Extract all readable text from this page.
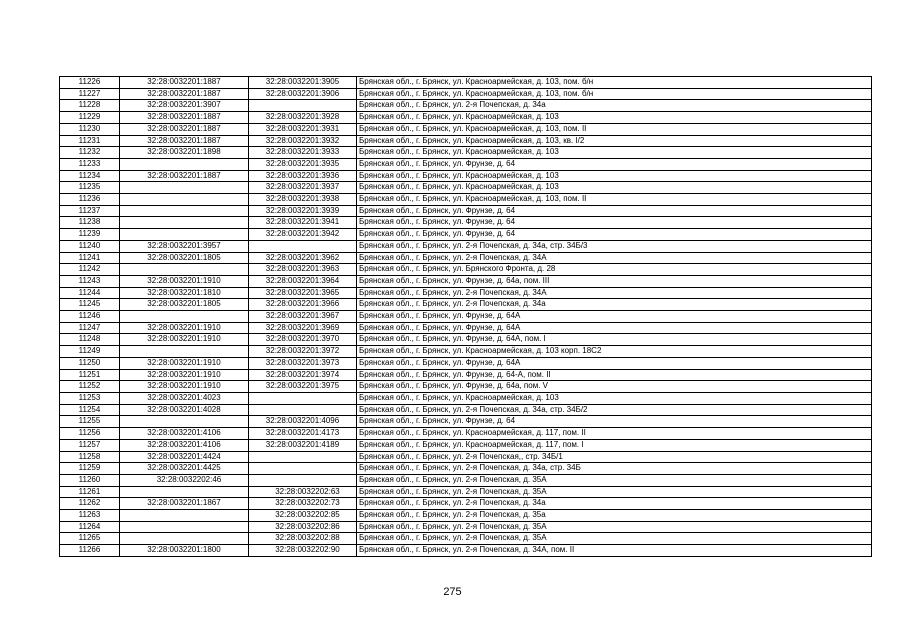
11226	32:28:0032201:1887	32:28:0032201:3905	Брянская обл., г. Брянск, ул. Красноармейская, д. 103, пом. б/н
11227	32:28:0032201:1887	32:28:0032201:3906	Брянская обл., г. Брянск, ул. Красноармейская, д. 103, пом. б/н
11228	32:28:0032201:3907		Брянская обл., г. Брянск, ул. 2-я Почепская, д. 34а
11229	32:28:0032201:1887	32:28:0032201:3928	Брянская обл., г. Брянск, ул. Красноармейская, д. 103
11230	32:28:0032201:1887	32:28:0032201:3931	Брянская обл., г. Брянск, ул. Красноармейская, д. 103, пом. II
11231	32:28:0032201:1887	32:28:0032201:3932	Брянская обл., г. Брянск, ул. Красноармейская, д. 103, кв. I/2
11232	32:28:0032201:1898	32:28:0032201:3933	Брянская обл., г. Брянск, ул. Красноармейская, д. 103
11233		32:28:0032201:3935	Брянская обл., г. Брянск, ул. Фрунзе, д. 64
11234	32:28:0032201:1887	32:28:0032201:3936	Брянская обл., г. Брянск, ул. Красноармейская, д. 103
11235		32:28:0032201:3937	Брянская обл., г. Брянск, ул. Красноармейская, д. 103
11236		32:28:0032201:3938	Брянская обл., г. Брянск, ул. Красноармейская, д. 103, пом. II
11237		32:28:0032201:3939	Брянская обл., г. Брянск, ул. Фрунзе, д. 64
11238		32:28:0032201:3941	Брянская обл., г. Брянск, ул. Фрунзе, д. 64
11239		32:28:0032201:3942	Брянская обл., г. Брянск, ул. Фрунзе, д. 64
11240	32:28:0032201:3957		Брянская обл., г. Брянск, ул. 2-я Почепская, д. 34а, стр. 34Б/3
11241	32:28:0032201:1805	32:28:0032201:3962	Брянская обл., г. Брянск, ул. 2-я Почепская, д. 34А
11242		32:28:0032201:3963	Брянская обл., г. Брянск, ул. Брянского Фронта, д. 28
11243	32:28:0032201:1910	32:28:0032201:3964	Брянская обл., г. Брянск, ул. Фрунзе, д. 64а, пом. III
11244	32:28:0032201:1810	32:28:0032201:3965	Брянская обл., г. Брянск, ул. 2-я Почепская, д. 34А
11245	32:28:0032201:1805	32:28:0032201:3966	Брянская обл., г. Брянск, ул. 2-я Почепская, д. 34а
11246		32:28:0032201:3967	Брянская обл., г. Брянск, ул. Фрунзе, д. 64А
11247	32:28:0032201:1910	32:28:0032201:3969	Брянская обл., г. Брянск, ул. Фрунзе, д. 64А
11248	32:28:0032201:1910	32:28:0032201:3970	Брянская обл., г. Брянск, ул. Фрунзе, д. 64А, пом. I
11249		32:28:0032201:3972	Брянская обл., г. Брянск, ул. Красноармейская, д. 103 корп. 18С2
11250	32:28:0032201:1910	32:28:0032201:3973	Брянская обл., г. Брянск, ул. Фрунзе, д. 64А
11251	32:28:0032201:1910	32:28:0032201:3974	Брянская обл., г. Брянск, ул. Фрунзе, д. 64-А, пом. II
11252	32:28:0032201:1910	32:28:0032201:3975	Брянская обл., г. Брянск, ул. Фрунзе, д. 64а, пом. V
11253	32:28:0032201:4023		Брянская обл., г. Брянск, ул. Красноармейская, д. 103
11254	32:28:0032201:4028		Брянская обл., г. Брянск, ул. 2-я Почепская, д. 34а, стр. 34Б/2
11255		32:28:0032201:4096	Брянская обл., г. Брянск, ул. Фрунзе, д. 64
11256	32:28:0032201:4106	32:28:0032201:4173	Брянская обл., г. Брянск, ул. Красноармейская, д. 117, пом. II
11257	32:28:0032201:4106	32:28:0032201:4189	Брянская обл., г. Брянск, ул. Красноармейская, д. 117, пом. I
11258	32:28:0032201:4424		Брянская обл., г. Брянск, ул. 2-я Почепская,, стр. 34Б/1
11259	32:28:0032201:4425		Брянская обл., г. Брянск, ул. 2-я Почепская, д. 34а, стр. 34Б
11260	32:28:0032202:46		Брянская обл., г. Брянск, ул. 2-я Почепская, д. 35А
11261		32:28:0032202:63	Брянская обл., г. Брянск, ул. 2-я Почепская, д. 35А
11262	32:28:0032201:1867	32:28:0032202:73	Брянская обл., г. Брянск, ул. 2-я Почепская, д. 34а
11263		32:28:0032202:85	Брянская обл., г. Брянск, ул. 2-я Почепская, д. 35а
11264		32:28:0032202:86	Брянская обл., г. Брянск, ул. 2-я Почепская, д. 35А
11265		32:28:0032202:88	Брянская обл., г. Брянск, ул. 2-я Почепская, д. 35А
11266	32:28:0032201:1800	32:28:0032202:90	Брянская обл., г. Брянск, ул. 2-я Почепская, д. 34А, пом. II
275
